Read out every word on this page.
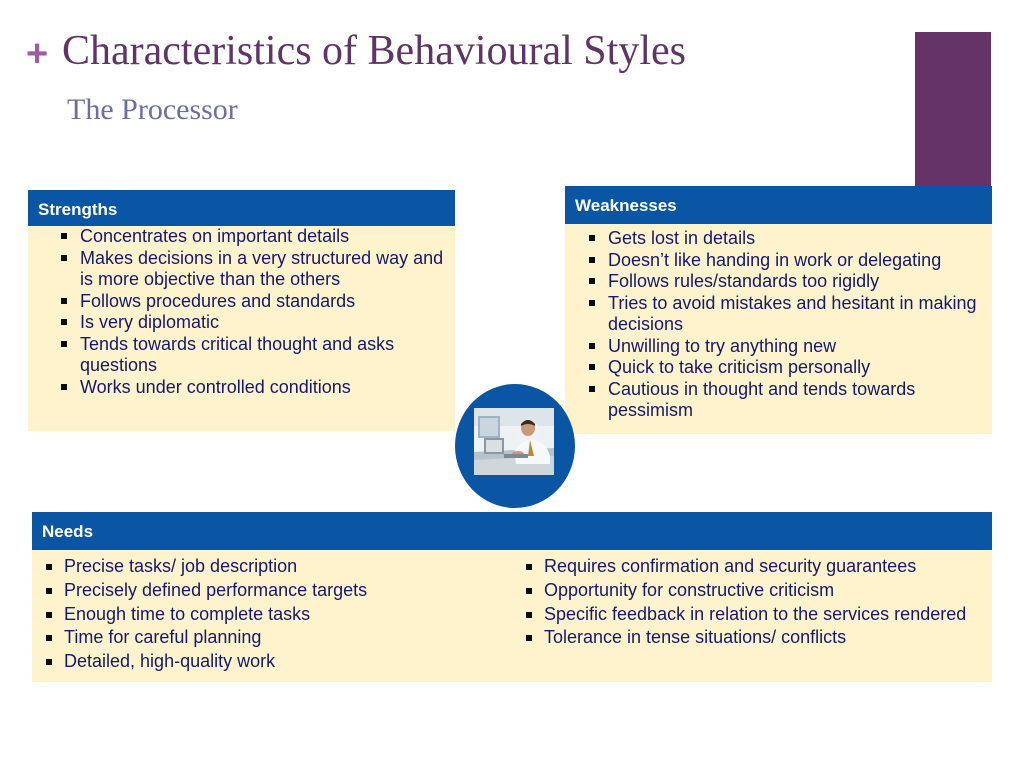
+ Characteristics of Behavioural Styles
The Processor
Strengths
Concentrates on important details
Makes decisions in a very structured way and is more objective than the others
Follows procedures and standards
Is very diplomatic
Tends towards critical thought and asks questions
Works under controlled conditions
Weaknesses
Gets lost in details
Doesn’t like handing in work or delegating
Follows rules/standards too rigidly
Tries to avoid mistakes and hesitant in making decisions
Unwilling to try anything new
Quick to take criticism personally
Cautious in thought and tends towards pessimism
Needs
Precise tasks/ job description
Precisely defined performance targets
Enough time to complete tasks
Time for careful planning
Detailed, high-quality work
Requires confirmation and security guarantees
Opportunity for constructive criticism
Specific feedback in relation to the services rendered
Tolerance in tense situations/ conflicts
